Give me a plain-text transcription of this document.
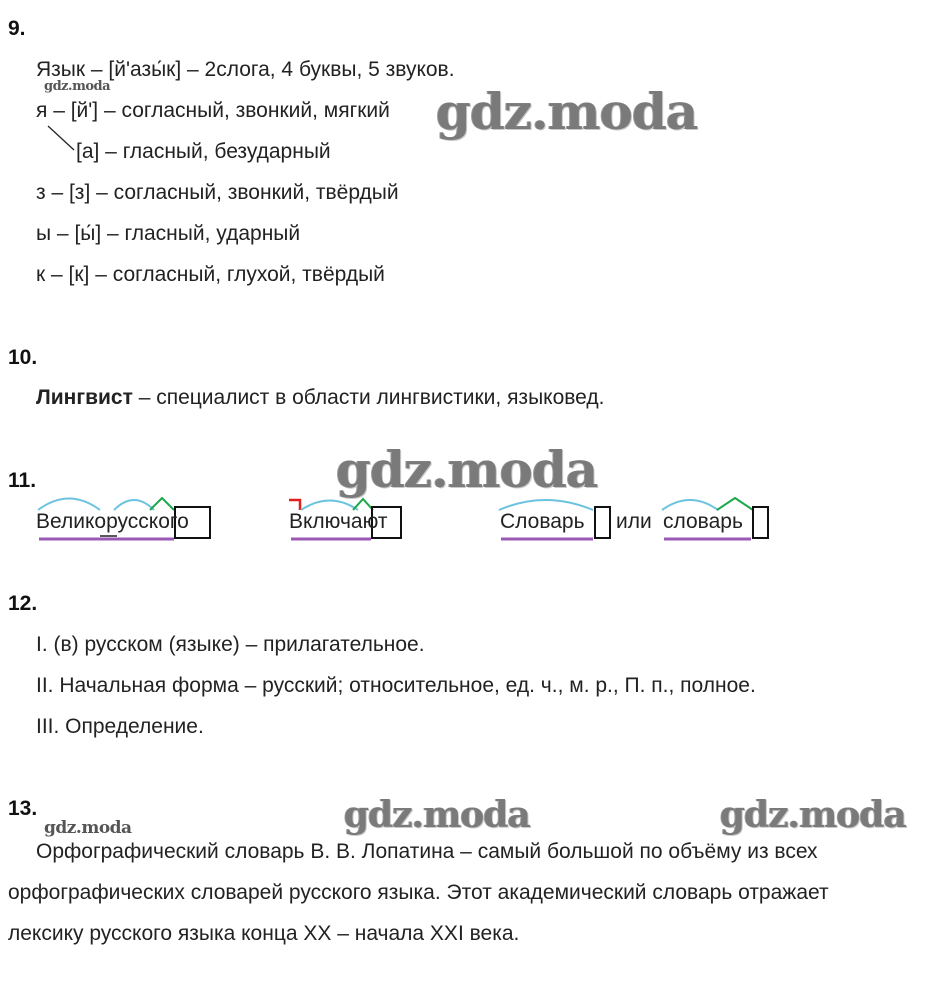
9.
Язык – [й'азы́к] – 2слога, 4 буквы, 5 звуков.
gdz.moda
я – [й'] – согласный, звонкий, мягкий
[а] – гласный, безударный
з – [з] – согласный, звонкий, твёрдый
ы – [ы́] – гласный, ударный
к – [к] – согласный, глухой, твёрдый
gdz.moda
10.
Лингвист – специалист в области лингвистики, языковед.
gdz.moda
11.
Великорусского	Включают	Словарь или словарь
12.
I. (в) русском (языке) – прилагательное.
II. Начальная форма – русский; относительное, ед. ч., м. р., П. п., полное.
III. Определение.
13.
gdz.moda	gdz.moda	gdz.moda
Орфографический словарь В. В. Лопатина – самый большой по объёму из всех
орфографических словарей русского языка. Этот академический словарь отражает
лексику русского языка конца XX – начала XXI века.
